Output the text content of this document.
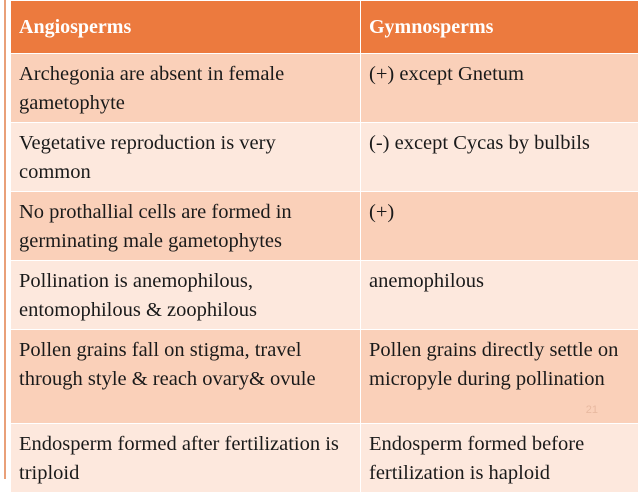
Angiosperms	Gymnosperms
Archegonia are absent in female gametophyte	(+) except Gnetum
Vegetative reproduction is very common	(-) except Cycas by bulbils
No prothallial cells are formed in germinating male gametophytes	(+)
Pollination is anemophilous, entomophilous & zoophilous	anemophilous
Pollen grains fall on stigma, travel through style & reach ovary& ovule	Pollen grains directly settle on micropyle during pollination
Endosperm formed after fertilization is triploid	Endosperm formed before fertilization is haploid
21
